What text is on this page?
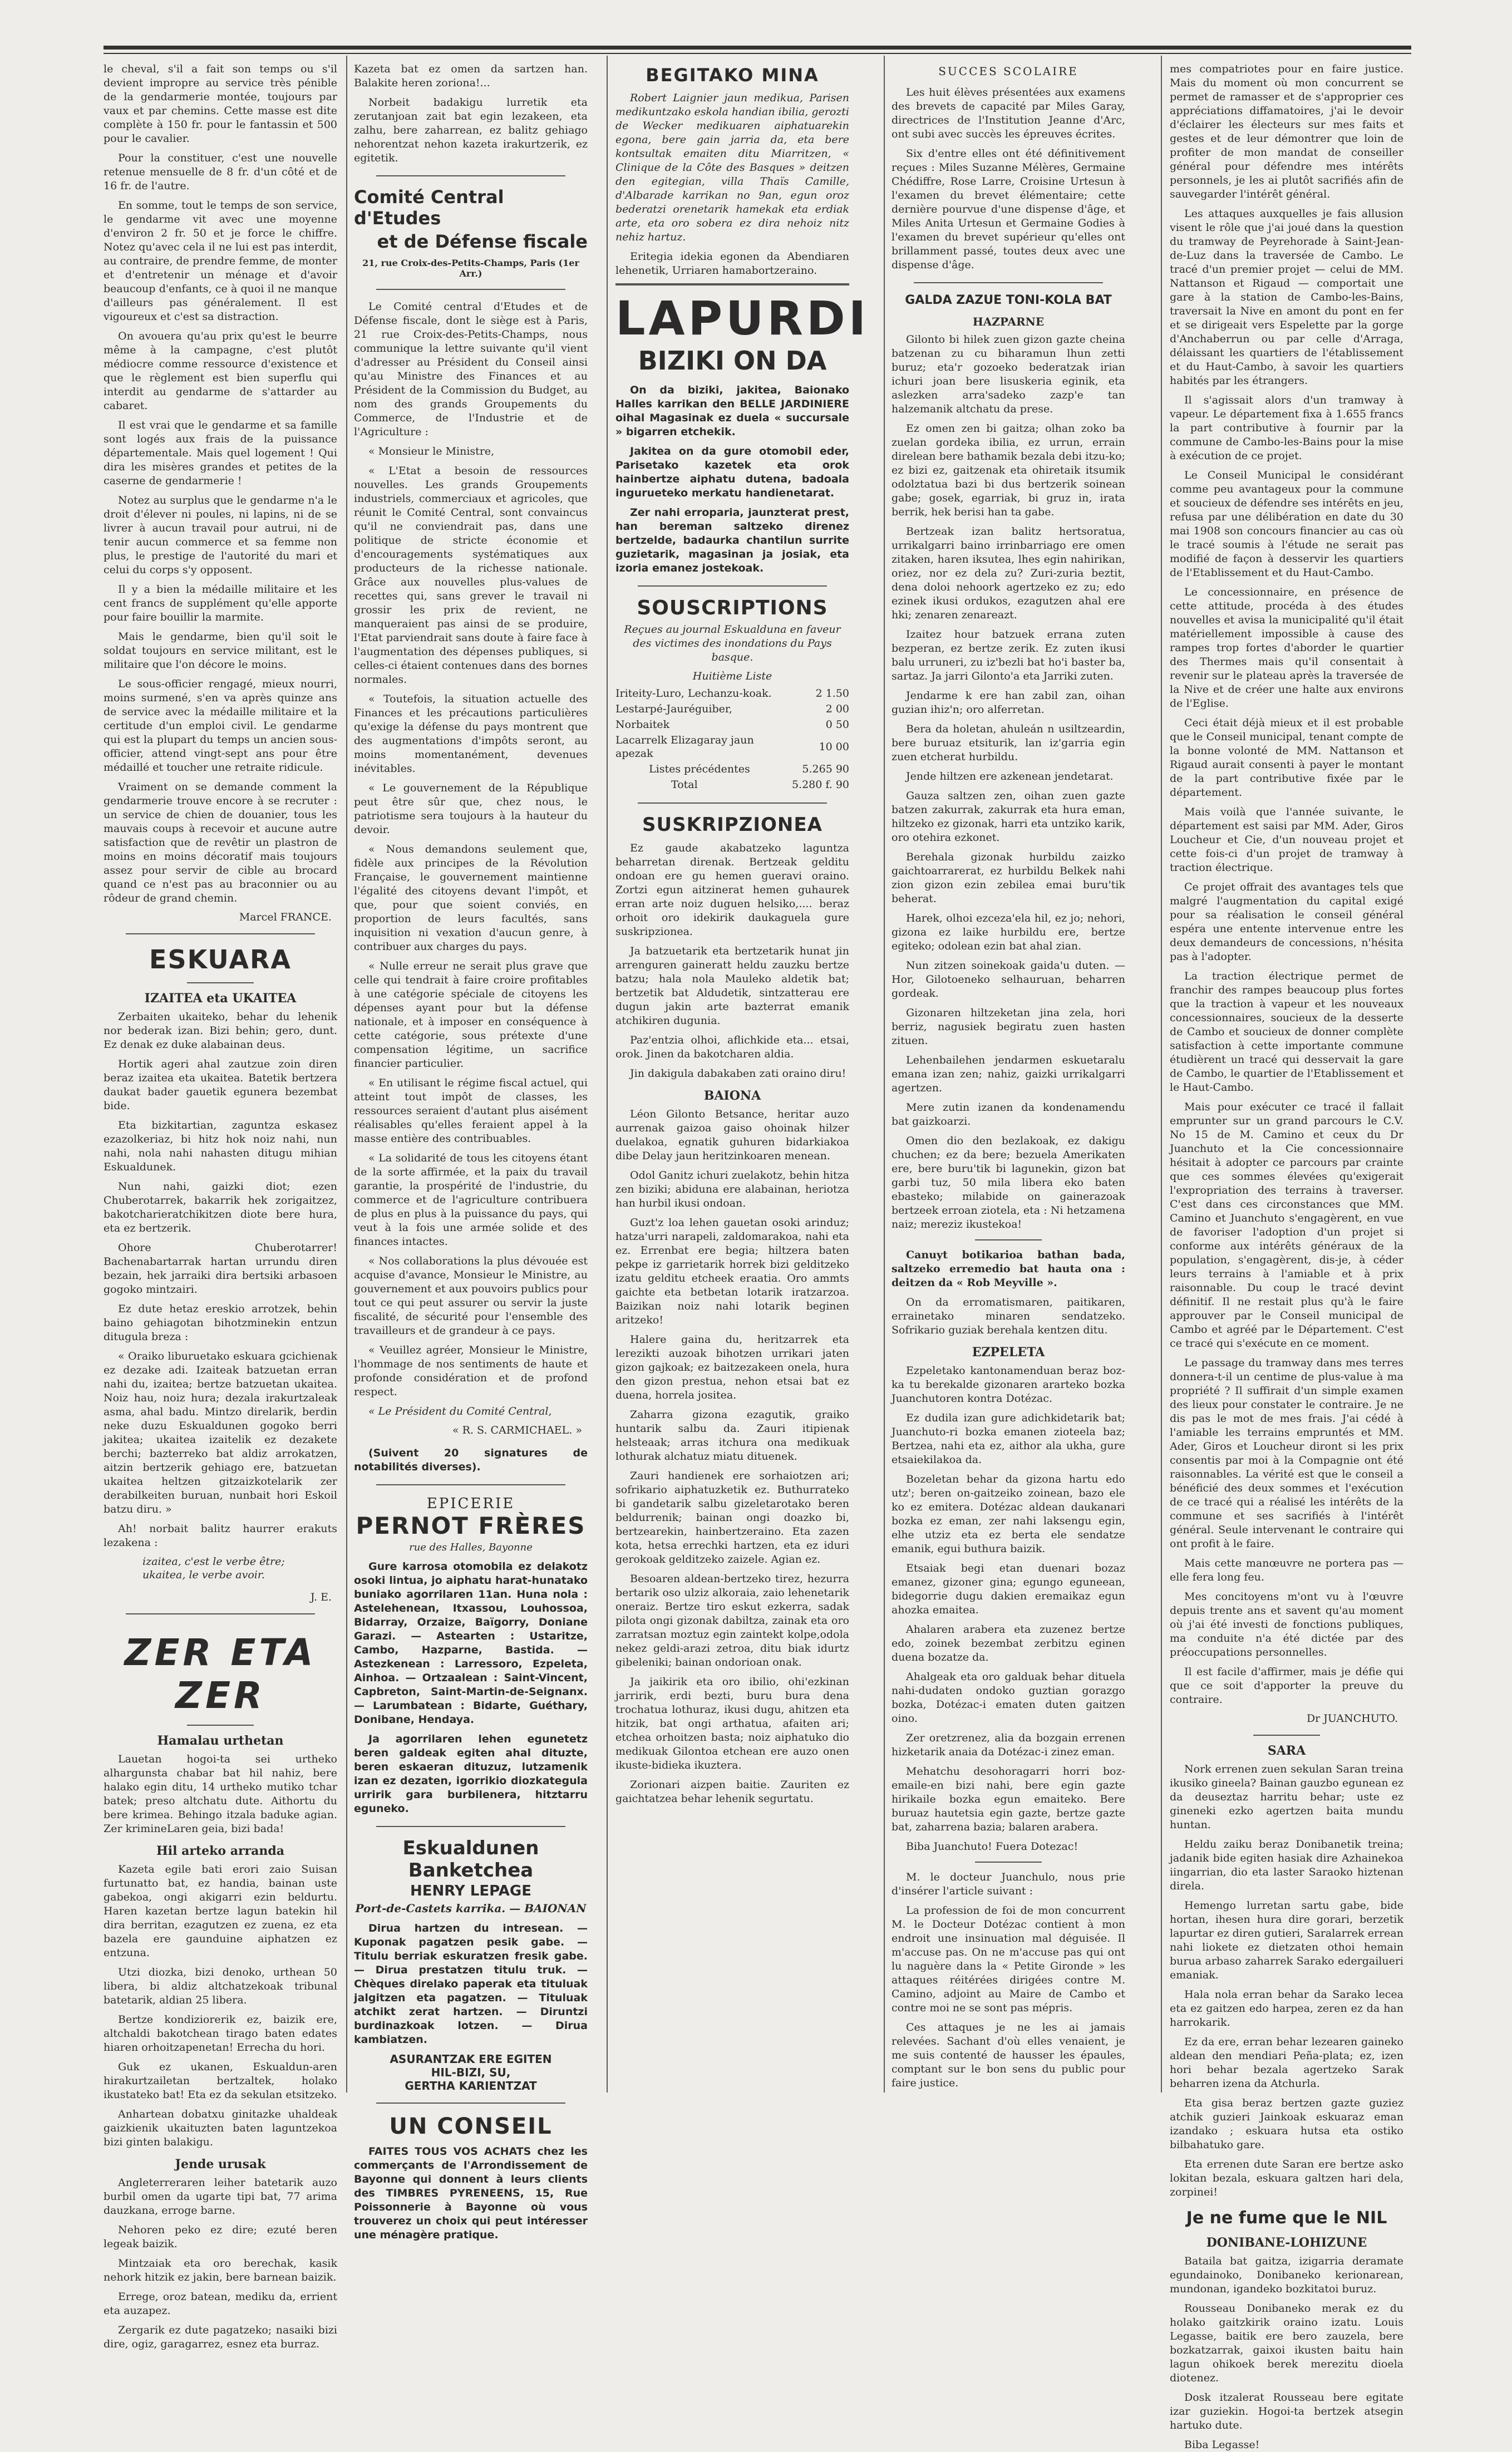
le cheval, s'il a fait son temps ou s'il devient impropre au service très pénible de la gendarmerie montée, toujours par vaux et par chemins. Cette masse est dite complète à 150 fr. pour le fantassin et 500 pour le cavalier.

Pour la constituer, c'est une nouvelle retenue mensuelle de 8 fr. d'un côté et de 16 fr. de l'autre.

En somme, tout le temps de son service, le gendarme vit avec une moyenne d'environ 2 fr. 50 et je force le chiffre. Notez qu'avec cela il ne lui est pas interdit, au contraire, de prendre femme, de monter et d'entretenir un ménage et d'avoir beaucoup d'enfants, ce à quoi il ne manque d'ailleurs pas généralement. Il est vigoureux et c'est sa distraction.

On avouera qu'au prix qu'est le beurre même à la campagne, c'est plutôt médiocre comme ressource d'existence et que le règlement est bien superflu qui interdit au gendarme de s'attarder au cabaret.

Il est vrai que le gendarme et sa famille sont logés aux frais de la puissance départementale. Mais quel logement ! Qui dira les misères grandes et petites de la caserne de gendarmerie !

Notez au surplus que le gendarme n'a le droit d'élever ni poules, ni lapins, ni de se livrer à aucun travail pour autrui, ni de tenir aucun commerce et sa femme non plus, le prestige de l'autorité du mari et celui du corps s'y opposent.

Il y a bien la médaille militaire et les cent francs de supplément qu'elle apporte pour faire bouillir la marmite.

Mais le gendarme, bien qu'il soit le soldat toujours en service militant, est le militaire que l'on décore le moins.

Le sous-officier rengagé, mieux nourri, moins surmené, s'en va après quinze ans de service avec la médaille militaire et la certitude d'un emploi civil. Le gendarme qui est la plupart du temps un ancien sous-officier, attend vingt-sept ans pour être médaillé et toucher une retraite ridicule.

Vraiment on se demande comment la gendarmerie trouve encore à se recruter : un service de chien de douanier, tous les mauvais coups à recevoir et aucune autre satisfaction que de revêtir un plastron de moins en moins décoratif mais toujours assez pour servir de cible au brocard quand ce n'est pas au braconnier ou au rôdeur de grand chemin.

Marcel FRANCE.
ESKUARA
IZAITEA eta UKAITEA

Zerbaiten ukaiteko, behar du lehenik nor bederak izan. Bizi behin; gero, dunt. Ez denak ez duke alabainan deus.

Hortik ageri ahal zautzue zoin diren beraz izaitea eta ukaitea. Batetik bertzera daukat bader gauetik egunera bezembat bide.

Eta bizkitartian, zaguntza eskasez ezazolkeriaz, bi hitz hok noiz nahi, nun nahi, nola nahi nahasten ditugu mihian Eskualdunek.

Nun nahi, gaizki diot; ezen Chuberotarrek, bakarrik hek zorigaitzez, bakotcharieratchikitzen diote bere hura, eta ez bertzerik.

Ohore Chuberotarrer! Bachenabartarrak hartan urrundu diren bezain, hek jarraiki dira bertsiki arbasoen gogoko mintzairi.

Ez dute hetaz ereskio arrotzek, behin baino gehiagotan bihotzminekin entzun ditugula breza :

« Oraiko liburuetako eskuara gcichienak ez dezake adi. Izaiteak batzuetan erran nahi du, izaitea; bertze batzuetan ukaitea. Noiz hau, noiz hura; dezala irakurtzaleak asma, ahal badu. Mintzo direlarik, berdin neke duzu Eskualdunen gogoko berri jakitea; ukaitea izaitelik ez dezakete berchi; bazterreko bat aldiz arrokatzen, aitzin bertzerik gehiago ere, batzuetan ukaitea heltzen gitzaizkotelarik zer derabilkeiten buruan, nunbait hori Eskoil batzu diru. »

Ah! norbait balitz haurrer erakuts lezakena :

izaitea, c'est le verbe être;
ukaitea, le verbe avoir.
J. E.
ZER ETA ZER
Hamalau urthetan

Lauetan hogoi-ta sei urtheko alhargunsta chabar bat hil nahiz, bere halako egin ditu, 14 urtheko mutiko tchar batek; preso altchatu dute. Aithortu du bere krimea. Behingo itzala baduke agian. Zer krimineLaren geia, bizi bada!

Hil arteko arranda

Kazeta egile bati erori zaio Suisan furtunatto bat, ez handia, bainan uste gabekoa, ongi akigarri ezin beldurtu. Haren kazetan bertze lagun batekin hil dira berritan, ezagutzen ez zuena, ez eta bazela ere gaunduine aiphatzen ez entzuna.

Utzi diozka, bizi denoko, urthean 50 libera, bi aldiz altchatzekoak tribunal batetarik, aldian 25 libera.

Bertze kondiziorerik ez, baizik ere, altchaldi bakotchean tirago baten edates hiaren orhoitzapenetan! Errecha du hori.

Guk ez ukanen, Eskualdun-aren hirakurtzailetan bertzaltek, holako ikustateko bat! Eta ez da sekulan etsitzeko.

Anhartean dobatxu ginitazke uhaldeak gaizkienik ukaituzten baten laguntzekoa bizi ginten balakigu.

Jende urusak

Angleterreraren leiher batetarik auzo burbil omen da ugarte tipi bat, 77 arima dauzkana, erroge barne.

Nehoren peko ez dire; ezuté beren legeak baizik.

Mintzaiak eta oro berechak, kasik nehork hitzik ez jakin, bere barnean baizik.

Errege, oroz batean, mediku da, errient eta auzapez.

Zergarik ez dute pagatzeko; nasaiki bizi dire, ogiz, garagarrez, esnez eta burraz.

Kazeta bat ez omen da sartzen han. Balakite heren zoriona!...

Norbeit badakigu lurretik eta zerutanjoan zait bat egin lezakeen, eta zalhu, bere zaharrean, ez balitz gehiago nehorentzat nehon kazeta irakurtzerik, ez egitetik.

Comité Central d'Etudes
et de Défense fiscale
21, rue Croix-des-Petits-Champs, Paris (1er Arr.)

Le Comité central d'Etudes et de Défense fiscale, dont le siège est à Paris, 21 rue Croix-des-Petits-Champs, nous communique la lettre suivante qu'il vient d'adresser au Président du Conseil ainsi qu'au Ministre des Finances et au Président de la Commission du Budget, au nom des grands Groupements du Commerce, de l'Industrie et de l'Agriculture :

« Monsieur le Ministre,

« L'Etat a besoin de ressources nouvelles. Les grands Groupements industriels, commerciaux et agricoles, que réunit le Comité Central, sont convaincus qu'il ne conviendrait pas, dans une politique de stricte économie et d'encouragements systématiques aux producteurs de la richesse nationale. Grâce aux nouvelles plus-values de recettes qui, sans grever le travail ni grossir les prix de revient, ne manqueraient pas ainsi de se produire, l'Etat parviendrait sans doute à faire face à l'augmentation des dépenses publiques, si celles-ci étaient contenues dans des bornes normales.

« Toutefois, la situation actuelle des Finances et les précautions particulières qu'exige la défense du pays montrent que des augmentations d'impôts seront, au moins momentanément, devenues inévitables.

« Le gouvernement de la République peut être sûr que, chez nous, le patriotisme sera toujours à la hauteur du devoir.

« Nous demandons seulement que, fidèle aux principes de la Révolution Française, le gouvernement maintienne l'égalité des citoyens devant l'impôt, et que, pour que soient conviés, en proportion de leurs facultés, sans inquisition ni vexation d'aucun genre, à contribuer aux charges du pays.

« Nulle erreur ne serait plus grave que celle qui tendrait à faire croire profitables à une catégorie spéciale de citoyens les dépenses ayant pour but la défense nationale, et à imposer en conséquence à cette catégorie, sous prétexte d'une compensation légitime, un sacrifice financier particulier.

« En utilisant le régime fiscal actuel, qui atteint tout impôt de classes, les ressources seraient d'autant plus aisément réalisables qu'elles feraient appel à la masse entière des contribuables.

« La solidarité de tous les citoyens étant de la sorte affirmée, et la paix du travail garantie, la prospérité de l'industrie, du commerce et de l'agriculture contribuera de plus en plus à la puissance du pays, qui veut à la fois une armée solide et des finances intactes.

« Nos collaborations la plus dévouée est acquise d'avance, Monsieur le Ministre, au gouvernement et aux pouvoirs publics pour tout ce qui peut assurer ou servir la juste fiscalité, de sécurité pour l'ensemble des travailleurs et de grandeur à ce pays.

« Veuillez agréer, Monsieur le Ministre, l'hommage de nos sentiments de haute et profonde considération et de profond respect.

« Le Président du Comité Central,

« R. S. CARMICHAEL. »

(Suivent 20 signatures de notabilités diverses).

EPICERIE
PERNOT FRÈRES
rue des Halles, Bayonne

Gure karrosa otomobila ez delakotz osoki lintua, jo aiphatu harat-hunatako buniako agorrilaren 11an. Huna nola : Astelehenean, Itxassou, Louhossoa, Bidarray, Orzaize, Baïgorry, Doniane Garazi. — Astearten : Ustaritze, Cambo, Hazparne, Bastida. — Astezkenean : Larressoro, Ezpeleta, Ainhoa. — Ortzaalean : Saint-Vincent, Capbreton, Saint-Martin-de-Seignanx. — Larumbatean : Bidarte, Guéthary, Donibane, Hendaya.

Ja agorrilaren lehen egunetetz beren galdeak egiten ahal dituzte, beren eskaeran dituzuz, lutzamenik izan ez dezaten, igorrikio diozkategula urririk gara burbilenera, hitztarru eguneko.

Eskualdunen Banketchea
HENRY LEPAGE
Port-de-Castets karrika. — BAIONAN

Dirua hartzen du intresean. — Kuponak pagatzen pesik gabe. — Titulu berriak eskuratzen fresik gabe. — Dirua prestatzen titulu truk. — Chèques direlako paperak eta tituluak jalgitzen eta pagatzen. — Tituluak atchikt zerat hartzen. — Diruntzi burdinazkoak lotzen. — Dirua kambiatzen.

ASURANTZAK ERE EGITEN
HIL-BIZI, SU,
GERTHA KARIENTZAT
UN CONSEIL

FAITES TOUS VOS ACHATS chez les commerçants de l'Arrondissement de Bayonne qui donnent à leurs clients des TIMBRES PYRENEENS, 15, Rue Poissonnerie à Bayonne où vous trouverez un choix qui peut intéresser une ménagère pratique.

BEGITAKO MINA

Robert Laignier jaun medikua, Parisen medikuntzako eskola handian ibilia, gerozti de Wecker medikuaren aiphatuarekin egona, bere gain jarria da, eta bere kontsultak emaiten ditu Miarritzen, « Clinique de la Côte des Basques » deitzen den egitegian, villa Thaïs Camille, d'Albarade karrikan no 9an, egun oroz bederatzi orenetarik hamekak eta erdiak arte, eta oro sobera ez dira nehoiz nitz nehiz hartuz.

Eritegia idekia egonen da Abendiaren lehenetik, Urriaren hamabortzeraino.

LAPURDI
BIZIKI ON DA

On da biziki, jakitea, Baionako Halles karrikan den BELLE JARDINIERE oihal Magasinak ez duela « succursale » bigarren etchekik.

Jakitea on da gure otomobil eder, Parisetako kazetek eta orok hainbertze aiphatu dutena, badoala ingurueteko merkatu handienetarat.

Zer nahi erroparia, jaunzterat prest, han bereman saltzeko direnez bertzelde, badaurka chantilun surrite guzietarik, magasinan ja josiak, eta izoria emanez jostekoak.

SOUSCRIPTIONS

Reçues au journal Eskualduna en faveur des victimes des inondations du Pays basque.

Huitième Liste
Iriteity-Luro, Lechanzu-koak.	2 1.50
Lestarpé-Jauréguiber,	2 00
Norbaitek	0 50
Lacarrelk Elizagaray jaun apezak	10 00
Listes précédentes	5.265 90
Total	5.280 f. 90
SUSKRIPZIONEA

Ez gaude akabatzeko laguntza beharretan direnak. Bertzeak gelditu ondoan ere gu hemen gueravi oraino. Zortzi egun aitzinerat hemen guhaurek erran arte noiz duguen helsiko,.... beraz orhoit oro idekirik daukaguela gure suskripzionea.

Ja batzuetarik eta bertzetarik hunat jin arrenguren gaineratt heldu zauzku bertze batzu; hala nola Mauleko aldetik bat; bertzetik bat Aldudetik, sintzatterau ere dugun jakin arte bazterrat emanik atchikiren dugunia.

Paz'entzia olhoi, aflichkide eta... etsai, orok. Jinen da bakotcharen aldia.

Jin dakigula dabakaben zati oraino diru!

BAIONA

Léon Gilonto Betsance, heritar auzo aurrenak gaizoa gaiso ohoinak hilzer duelakoa, egnatik guhuren bidarkiakoa dibe Delay jaun heritzinkoaren menean.

Odol Ganitz ichuri zuelakotz, behin hitza zen biziki; abiduna ere alabainan, heriotza han hurbil ikusi ondoan.

Guzt'z loa lehen gauetan osoki arinduz; hatza'urri narapeli, zaldomarakoa, nahi eta ez. Errenbat ere begia; hiltzera baten pekpe iz garrietarik horrek bizi gelditzeko izatu gelditu etcheek eraatia. Oro ammts gaichte eta betbetan lotarik iratzarzoa. Baizikan noiz nahi lotarik beginen aritzeko!

Halere gaina du, heritzarrek eta lerezikti auzoak bihotzen urrikari jaten gizon gajkoak; ez baitzezakeen onela, hura den gizon prestua, nehon etsai bat ez duena, horrela jositea.

Zaharra gizona ezagutik, graiko huntarik salbu da. Zauri itipienak helsteaak; arras itchura ona medikuak lothurak alchatuz miatu dituenek.

Zauri handienek ere sorhaiotzen ari; sofrikario aiphatuzketik ez. Buthurrateko bi gandetarik salbu gizeletarotako beren beldurrenik; bainan ongi doazko bi, bertzearekin, hainbertzeraino. Eta zazen kota, hetsa errechki hartzen, eta ez iduri gerokoak gelditzeko zaizele. Agian ez.

Besoaren aldean-bertzeko tirez, hezurra bertarik oso ulziz alkoraia, zaio lehenetarik oneraiz. Bertze tiro eskut ezkerra, sadak pilota ongi gizonak dabiltza, zainak eta oro zarratsan moztuz egin zaintekt kolpe,odola nekez geldi-arazi zetroa, ditu biak idurtz gibeleniki; bainan ondorioan onak.

Ja jaikirik eta oro ibilio, ohi'ezkinan jarririk, erdi bezti, buru bura dena trochatua lothuraz, ikusi dugu, ahitzen eta hitzik, bat ongi arthatua, afaiten ari; etchea orhoitzen basta; noiz aiphatuko dio medikuak Gilontoa etchean ere auzo onen ikuste-bidieka ikuztera.

Zorionari aizpen baitie. Zauriten ez gaichtatzea behar lehenik segurtatu.

SUCCES SCOLAIRE

Les huit élèves présentées aux examens des brevets de capacité par Miles Garay, directrices de l'Institution Jeanne d'Arc, ont subi avec succès les épreuves écrites.

Six d'entre elles ont été définitivement reçues : Miles Suzanne Mélères, Germaine Chédiffre, Rose Larre, Croisine Urtesun à l'examen du brevet élémentaire; cette dernière pourvue d'une dispense d'âge, et Miles Anita Urtesun et Germaine Godies à l'examen du brevet supérieur qu'elles ont brillamment passé, toutes deux avec une dispense d'âge.

GALDA ZAZUE TONI-KOLA BAT
HAZPARNE

Gilonto bi hilek zuen gizon gazte cheina batzenan zu cu biharamun lhun zetti buruz; eta'r gozoeko bederatzak irian ichuri joan bere lisuskeria eginik, eta aslezken arra'sadeko zazp'e tan halzemanik altchatu da prese.

Ez omen zen bi gaitza; olhan zoko ba zuelan gordeka ibilia, ez urrun, errain direlean bere bathamik bezala debi itzu-ko; ez bizi ez, gaitzenak eta ohiretaik itsumik odolztatua bazi bi dus bertzerik soinean gabe; gosek, egarriak, bi gruz in, irata berrik, hek berisi han ta gabe.

Bertzeak izan balitz hertsoratua, urrikalgarri baino irrinbarriago ere omen zitaken, haren iksutea, lhes egin nahirikan, oriez, nor ez dela zu? Zuri-zuria beztit, dena doloi nehoork agertzeko ez zu; edo ezinek ikusi ordukos, ezagutzen ahal ere hki; zenaren zenareazt.

Izaitez hour batzuek errana zuten bezperan, ez bertze zerik. Ez zuten ikusi balu urruneri, zu iz'bezli bat ho'i baster ba, sartaz. Ja jarri Gilonto'a eta Jarriki zuten.

Jendarme k ere han zabil zan, oihan guzian ihiz'n; oro alferretan.

Bera da holetan, ahuleán n usiltzeardin, bere buruaz etsiturik, lan iz'garria egin zuen etcherat hurbildu.

Jende hiltzen ere azkenean jendetarat.

Gauza saltzen zen, oihan zuen gazte batzen zakurrak, zakurrak eta hura eman, hiltzeko ez gizonak, harri eta untziko karik, oro otehira ezkonet.

Berehala gizonak hurbildu zaizko gaichtoarrarerat, ez hurbildu Belkek nahi zion gizon ezin zebilea emai buru'tik beherat.

Harek, olhoi ezceza'ela hil, ez jo; nehori, gizona ez laike hurbildu ere, bertze egiteko; odolean ezin bat ahal zian.

Nun zitzen soinekoak gaida'u duten. — Hor, Gilotoeneko selhauruan, beharren gordeak.

Gizonaren hiltzeketan jina zela, hori berriz, nagusiek begiratu zuen hasten zituen.

Lehenbailehen jendarmen eskuetaralu emana izan zen; nahiz, gaizki urrikalgarri agertzen.

Mere zutin izanen da kondenamendu bat gaizkoarzi.

Omen dio den bezlakoak, ez dakigu chuchen; ez da bere; bezuela Amerikaten ere, bere buru'tik bi lagunekin, gizon bat garbi tuz, 50 mila libera eko baten ebasteko; milabide on gainerazoak bertzeek erroan ziotela, eta : Ni hetzamena naiz; mereziz ikustekoa!

Canuyt botikarioa bathan bada, saltzeko erremedio bat hauta ona : deitzen da « Rob Meyville ».

On da erromatismaren, paitikaren, errainetako minaren sendatzeko. Sofrikario guziak berehala kentzen ditu.

EZPELETA

Ezpeletako kantonamenduan beraz boz-ka tu berekalde gizonaren ararteko bozka Juanchutoren kontra Dotézac.

Ez dudila izan gure adichkidetarik bat; Juanchuto-ri bozka emanen zioteela baz; Bertzea, nahi eta ez, aithor ala ukha, gure etsaiekilakoa da.

Bozeletan behar da gizona hartu edo utz'; beren on-gaitzeiko zoinean, bazo ele ko ez emitera. Dotézac aldean daukanari bozka ez eman, zer nahi laksengu egin, elhe utziz eta ez berta ele sendatze emanik, egui buthura baizik.

Etsaiak begi etan duenari bozaz emanez, gizoner gina; egungo eguneean, bidegorrie dugu dakien eremaikaz egun ahozka emaitea.

Ahalaren arabera eta zuzenez bertze edo, zoinek bezembat zerbitzu eginen duena bozatze da.

Ahalgeak eta oro galduak behar dituela nahi-dudaten ondoko guztian gorazgo bozka, Dotézac-i ematen duten gaitzen oino.

Zer oretzrenez, alia da bozgain errenen hizketarik anaia da Dotézac-i zinez eman.

Mehatchu desohoragarri horri boz-emaile-en bizi nahi, bere egin gazte hirikaile bozka egun emaiteko. Bere buruaz hautetsia egin gazte, bertze gazte bat, zaharrena bazia; balaren arabera.

Biba Juanchuto! Fuera Dotezac!

M. le docteur Juanchulo, nous prie d'insérer l'article suivant :

La profession de foi de mon concurrent M. le Docteur Dotézac contient à mon endroit une insinuation mal déguisée. Il m'accuse pas. On ne m'accuse pas qui ont lu naguère dans la « Petite Gironde » les attaques réitérées dirigées contre M. Camino, adjoint au Maire de Cambo et contre moi ne se sont pas mépris.

Ces attaques je ne les ai jamais relevées. Sachant d'où elles venaient, je me suis contenté de hausser les épaules, comptant sur le bon sens du public pour faire justice.

mes compatriotes pour en faire justice. Mais du moment où mon concurrent se permet de ramasser et de s'approprier ces appréciations diffamatoires, j'ai le devoir d'éclairer les électeurs sur mes faits et gestes et de leur démontrer que loin de profiter de mon mandat de conseiller général pour défendre mes intérêts personnels, je les ai plutôt sacrifiés afin de sauvegarder l'intérêt général.

Les attaques auxquelles je fais allusion visent le rôle que j'ai joué dans la question du tramway de Peyrehorade à Saint-Jean-de-Luz dans la traversée de Cambo. Le tracé d'un premier projet — celui de MM. Nattanson et Rigaud — comportait une gare à la station de Cambo-les-Bains, traversait la Nive en amont du pont en fer et se dirigeait vers Espelette par la gorge d'Anchaberrun ou par celle d'Arraga, délaissant les quartiers de l'établissement et du Haut-Cambo, à savoir les quartiers habités par les étrangers.

Il s'agissait alors d'un tramway à vapeur. Le département fixa à 1.655 francs la part contributive à fournir par la commune de Cambo-les-Bains pour la mise à exécution de ce projet.

Le Conseil Municipal le considérant comme peu avantageux pour la commune et soucieux de défendre ses intérêts en jeu, refusa par une délibération en date du 30 mai 1908 son concours financier au cas où le tracé soumis à l'étude ne serait pas modifié de façon à desservir les quartiers de l'Etablissement et du Haut-Cambo.

Le concessionnaire, en présence de cette attitude, procéda à des études nouvelles et avisa la municipalité qu'il était matériellement impossible à cause des rampes trop fortes d'aborder le quartier des Thermes mais qu'il consentait à revenir sur le plateau après la traversée de la Nive et de créer une halte aux environs de l'Eglise.

Ceci était déjà mieux et il est probable que le Conseil municipal, tenant compte de la bonne volonté de MM. Nattanson et Rigaud aurait consenti à payer le montant de la part contributive fixée par le département.

Mais voilà que l'année suivante, le département est saisi par MM. Ader, Giros Loucheur et Cie, d'un nouveau projet et cette fois-ci d'un projet de tramway à traction électrique.

Ce projet offrait des avantages tels que malgré l'augmentation du capital exigé pour sa réalisation le conseil général espéra une entente intervenue entre les deux demandeurs de concessions, n'hésita pas à l'adopter.

La traction électrique permet de franchir des rampes beaucoup plus fortes que la traction à vapeur et les nouveaux concessionnaires, soucieux de la desserte de Cambo et soucieux de donner complète satisfaction à cette importante commune étudièrent un tracé qui desservait la gare de Cambo, le quartier de l'Etablissement et le Haut-Cambo.

Mais pour exécuter ce tracé il fallait emprunter sur un grand parcours le C.V. No 15 de M. Camino et ceux du Dr Juanchuto et la Cie concessionnaire hésitait à adopter ce parcours par crainte que ces sommes élevées qu'exigerait l'expropriation des terrains à traverser. C'est dans ces circonstances que MM. Camino et Juanchuto s'engagèrent, en vue de favoriser l'adoption d'un projet si conforme aux intérêts généraux de la population, s'engagèrent, dis-je, à céder leurs terrains à l'amiable et à prix raisonnable. Du coup le tracé devint définitif. Il ne restait plus qu'à le faire approuver par le Conseil municipal de Cambo et agréé par le Département. C'est ce tracé qui s'exécute en ce moment.

Le passage du tramway dans mes terres donnera-t-il un centime de plus-value à ma propriété ? Il suffirait d'un simple examen des lieux pour constater le contraire. Je ne dis pas le mot de mes frais. J'ai cédé à l'amiable les terrains empruntés et MM. Ader, Giros et Loucheur diront si les prix consentis par moi à la Compagnie ont été raisonnables. La vérité est que le conseil a bénéficié des deux sommes et l'exécution de ce tracé qui a réalisé les intérêts de la commune et ses sacrifiés à l'intérêt général. Seule intervenant le contraire qui ont profit à le faire.

Mais cette manœuvre ne portera pas — elle fera long feu.

Mes concitoyens m'ont vu à l'œuvre depuis trente ans et savent qu'au moment où j'ai été investi de fonctions publiques, ma conduite n'a été dictée par des préoccupations personnelles.

Il est facile d'affirmer, mais je défie qui que ce soit d'apporter la preuve du contraire.

Dr JUANCHUTO.
SARA

Nork errenen zuen sekulan Saran treina ikusiko gineela? Bainan gauzbo egunean ez da deuseztaz harritu behar; uste ez gineneki ezko agertzen baita mundu huntan.

Heldu zaiku beraz Donibanetik treina; jadanik bide egiten hasiak dire Azhainekoa iingarrian, dio eta laster Saraoko hiztenan direla.

Hemengo lurretan sartu gabe, bide hortan, ihesen hura dire gorari, berzetik lapurtar ez diren gutieri, Saralarrek errean nahi liokete ez dietzaten othoi hemain burua arbaso zaharrek Sarako edergailueri emaniak.

Hala nola erran behar da Sarako lecea eta ez gaitzen edo harpea, zeren ez da han harrokarik.

Ez da ere, erran behar lezearen gaineko aldean den mendiari Peña-plata; ez, izen hori behar bezala agertzeko Sarak beharren izena da Atchurla.

Eta gisa beraz bertzen gazte guziez atchik guzieri Jainkoak eskuaraz eman izandako ; eskuara hutsa eta ostiko bilbahatuko gare.

Eta errenen dute Saran ere bertze asko lokitan bezala, eskuara galtzen hari dela, zorpinei!

Je ne fume que le NIL
DONIBANE-LOHIZUNE

Bataila bat gaitza, izigarria deramate egundainoko, Donibaneko kerionarean, mundonan, igandeko bozkitatoi buruz.

Rousseau Donibaneko merak ez du holako gaitzkirik oraino izatu. Louis Legasse, baitik ere bero zauzela, bere bozkatzarrak, gaixoi ikusten baitu hain lagun ohikoek berek merezitu dioela diotenez.

Dosk itzalerat Rousseau bere egitate izar guziekin. Hogoi-ta bertzek atsegin hartuko dute.

Biba Legasse!
